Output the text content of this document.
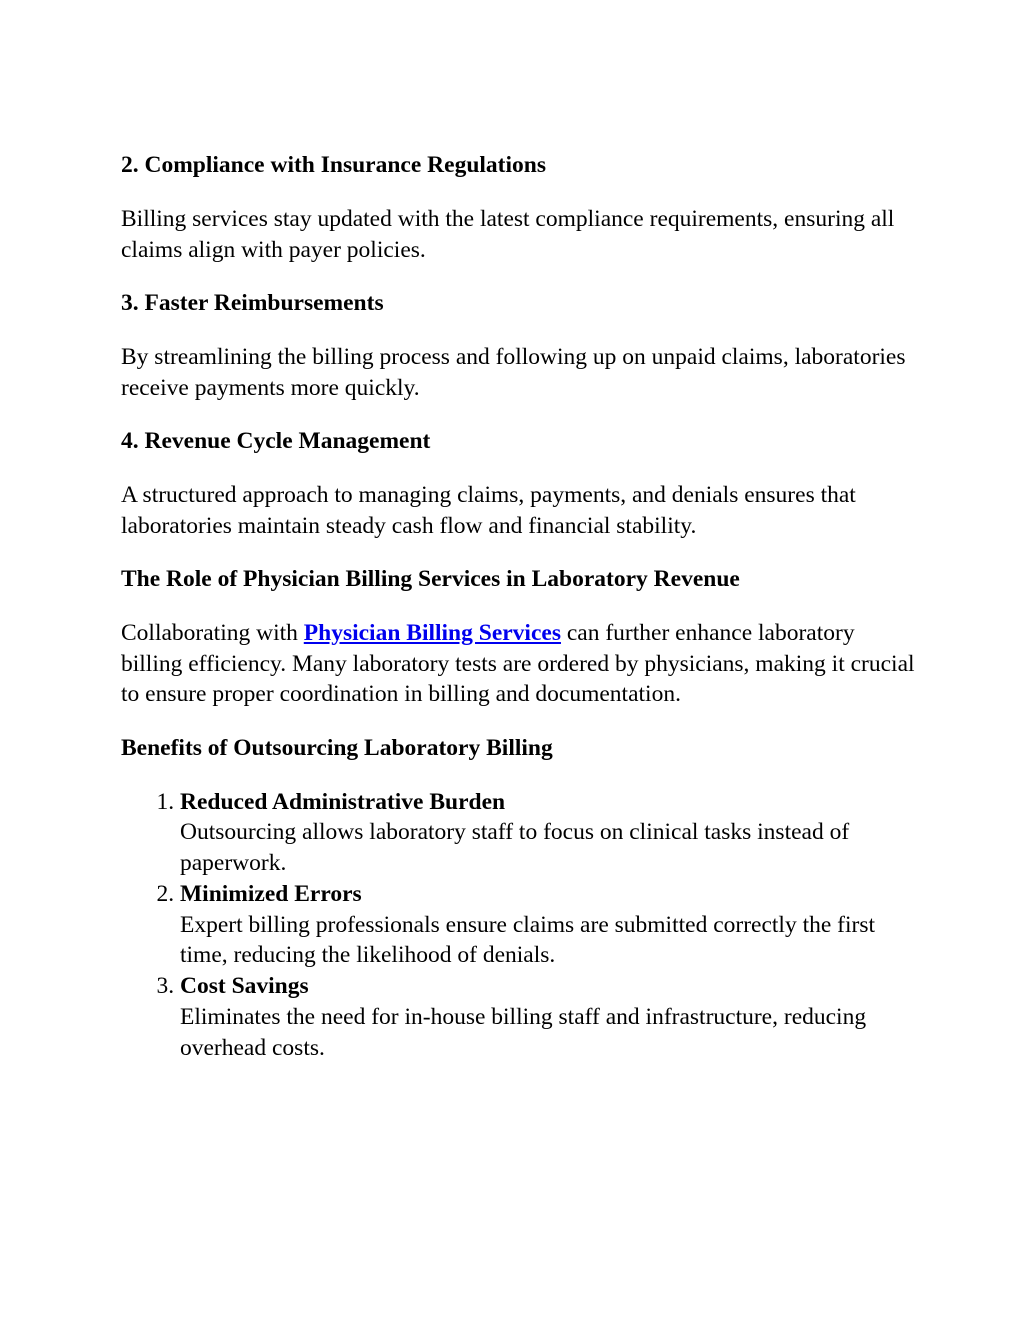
2. Compliance with Insurance Regulations

Billing services stay updated with the latest compliance requirements, ensuring all claims align with payer policies.

3. Faster Reimbursements

By streamlining the billing process and following up on unpaid claims, laboratories receive payments more quickly.

4. Revenue Cycle Management

A structured approach to managing claims, payments, and denials ensures that laboratories maintain steady cash flow and financial stability.

The Role of Physician Billing Services in Laboratory Revenue

Collaborating with Physician Billing Services can further enhance laboratory billing efficiency. Many laboratory tests are ordered by physicians, making it crucial to ensure proper coordination in billing and documentation.

Benefits of Outsourcing Laboratory Billing
1. Reduced Administrative Burden
Outsourcing allows laboratory staff to focus on clinical tasks instead of paperwork.
2. Minimized Errors
Expert billing professionals ensure claims are submitted correctly the first time, reducing the likelihood of denials.
3. Cost Savings
Eliminates the need for in-house billing staff and infrastructure, reducing overhead costs.
